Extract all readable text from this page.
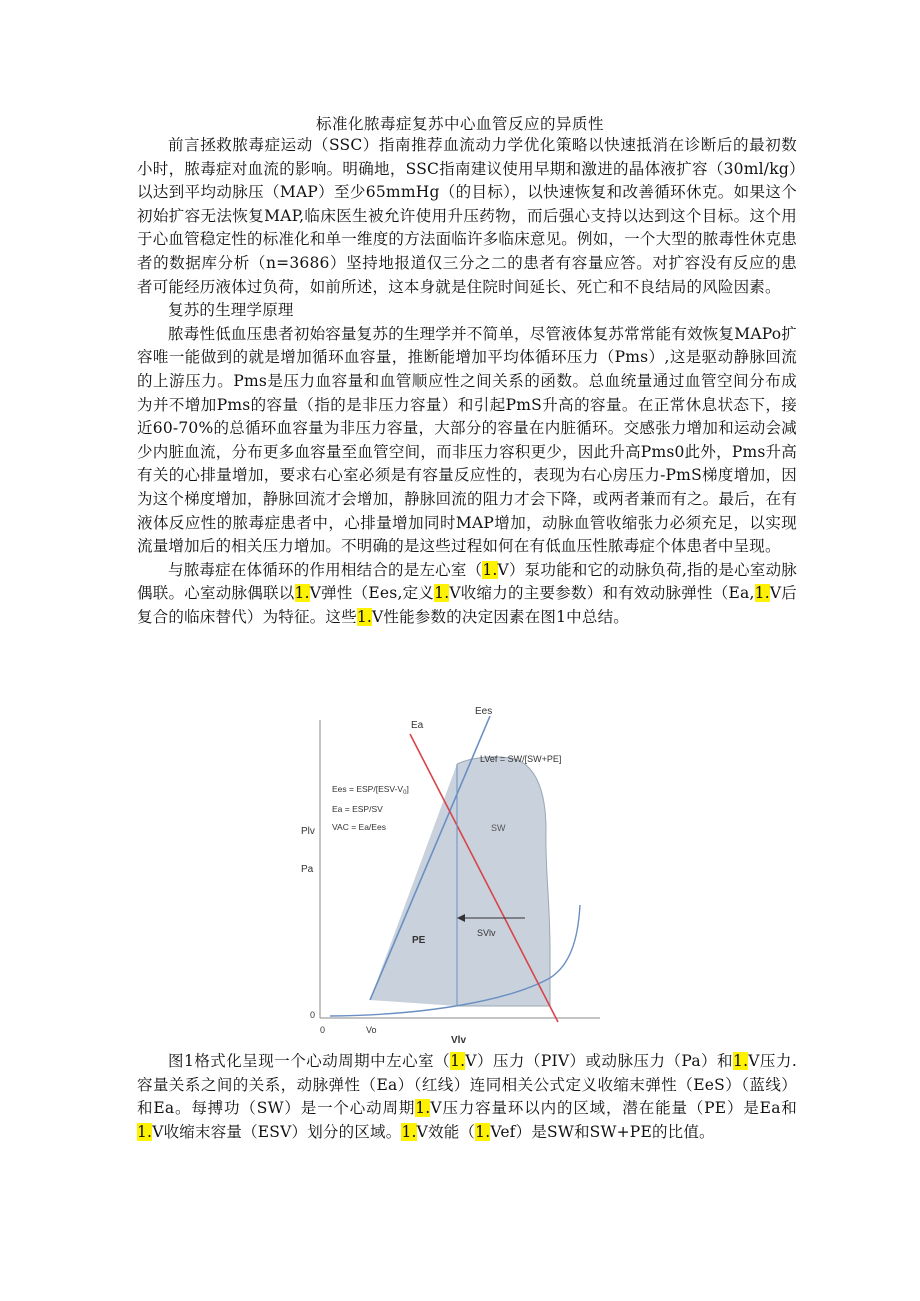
标准化脓毒症复苏中心血管反应的异质性

前言拯救脓毒症运动（SSC）指南推荐血流动力学优化策略以快速抵消在诊断后的最初数小时，脓毒症对血流的影响。明确地，SSC指南建议使用早期和激进的晶体液扩容（30ml/kg）以达到平均动脉压（MAP）至少65mmHg（的目标），以快速恢复和改善循环休克。如果这个初始扩容无法恢复MAP,临床医生被允许使用升压药物，而后强心支持以达到这个目标。这个用于心血管稳定性的标准化和单一维度的方法面临许多临床意见。例如，一个大型的脓毒性休克患者的数据库分析（n=3686）坚持地报道仅三分之二的患者有容量应答。对扩容没有反应的患者可能经历液体过负荷，如前所述，这本身就是住院时间延长、死亡和不良结局的风险因素。

复苏的生理学原理

脓毒性低血压患者初始容量复苏的生理学并不简单，尽管液体复苏常常能有效恢复MAPo扩容唯一能做到的就是增加循环血容量，推断能增加平均体循环压力（Pms）,这是驱动静脉回流的上游压力。Pms是压力血容量和血管顺应性之间关系的函数。总血统量通过血管空间分布成为并不增加Pms的容量（指的是非压力容量）和引起PmS升高的容量。在正常休息状态下，接近60-70%的总循环血容量为非压力容量，大部分的容量在内脏循环。交感张力增加和运动会减少内脏血流，分布更多血容量至血管空间，而非压力容积更少，因此升高Pms0此外，Pms升高有关的心排量增加，要求右心室必须是有容量反应性的，表现为右心房压力-PmS梯度增加，因为这个梯度增加，静脉回流才会增加，静脉回流的阻力才会下降，或两者兼而有之。最后，在有液体反应性的脓毒症患者中，心排量增加同时MAP增加，动脉血管收缩张力必须充足，以实现流量增加后的相关压力增加。不明确的是这些过程如何在有低血压性脓毒症个体患者中呈现。

与脓毒症在体循环的作用相结合的是左心室（1.V）泵功能和它的动脉负荷,指的是心室动脉偶联。心室动脉偶联以1.V弹性（Ees,定义1.V收缩力的主要参数）和有效动脉弹性（Ea,1.V后复合的临床替代）为特征。这些1.V性能参数的决定因素在图1中总结。

Ea
Ees
LVef = SW/[SW+PE]
Ees = ESP/$[ESV-V_0]$
Ea = ESP/SV
VAC = Ea/Ees
Plv
Pa
SW
PE
SVlv
0
0	Vo
Vlv

图1格式化呈现一个心动周期中左心室（1.V）压力（PIV）或动脉压力（Pa）和1.V压力.容量关系之间的关系，动脉弹性（Ea）（红线）连同相关公式定义收缩末弹性（EeS）（蓝线）和Ea。每搏功（SW）是一个心动周期1.V压力容量环以内的区域，潜在能量（PE）是Ea和1.V收缩末容量（ESV）划分的区域。1.V效能（1.Vef）是SW和SW+PE的比值。
